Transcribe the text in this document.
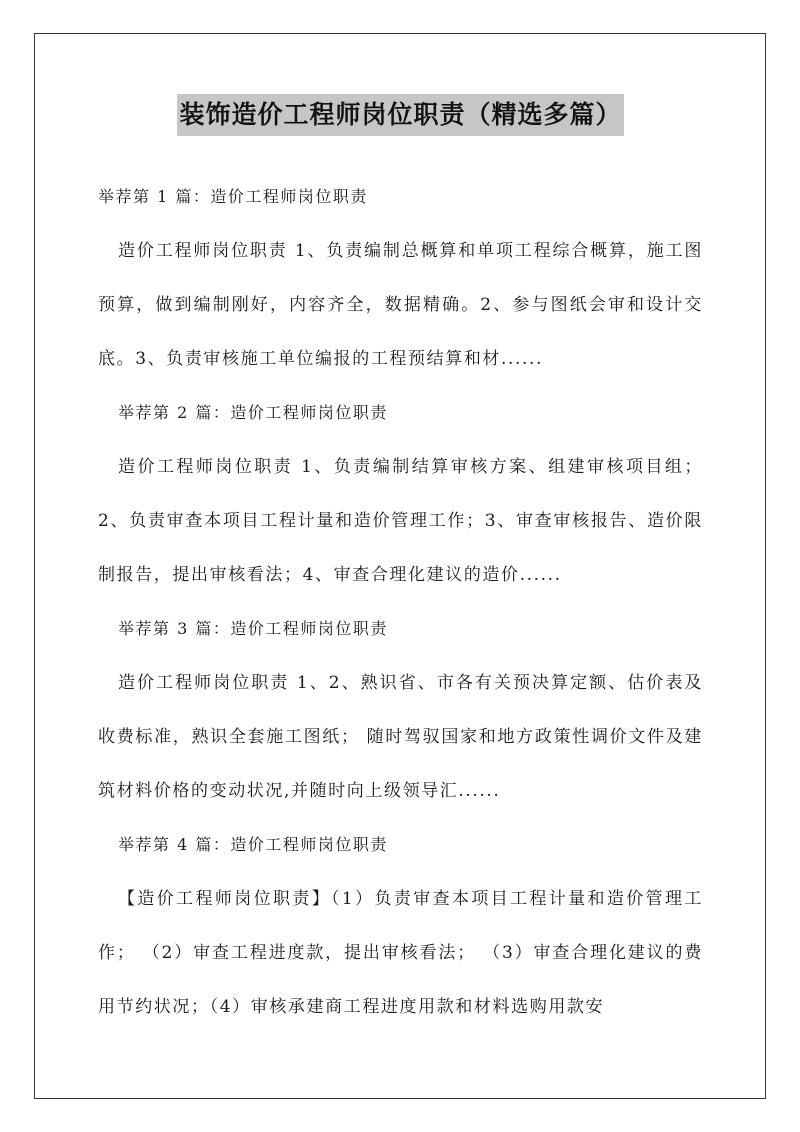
装饰造价工程师岗位职责（精选多篇）
举荐第 1 篇：造价工程师岗位职责
造价工程师岗位职责 1、负责编制总概算和单项工程综合概算，施工图预算，做到编制刚好，内容齐全，数据精确。2、参与图纸会审和设计交底。3、负责审核施工单位编报的工程预结算和材......
举荐第 2 篇：造价工程师岗位职责
造价工程师岗位职责 1、负责编制结算审核方案、组建审核项目组；2、负责审查本项目工程计量和造价管理工作；3、审查审核报告、造价限制报告，提出审核看法；4、审查合理化建议的造价......
举荐第 3 篇：造价工程师岗位职责
造价工程师岗位职责 1、2、熟识省、市各有关预决算定额、估价表及收费标准，熟识全套施工图纸； 随时驾驭国家和地方政策性调价文件及建筑材料价格的变动状况,并随时向上级领导汇......
举荐第 4 篇：造价工程师岗位职责
【造价工程师岗位职责】（1）负责审查本项目工程计量和造价管理工作； （2）审查工程进度款，提出审核看法； （3）审查合理化建议的费用节约状况；（4）审核承建商工程进度用款和材料选购用款安
